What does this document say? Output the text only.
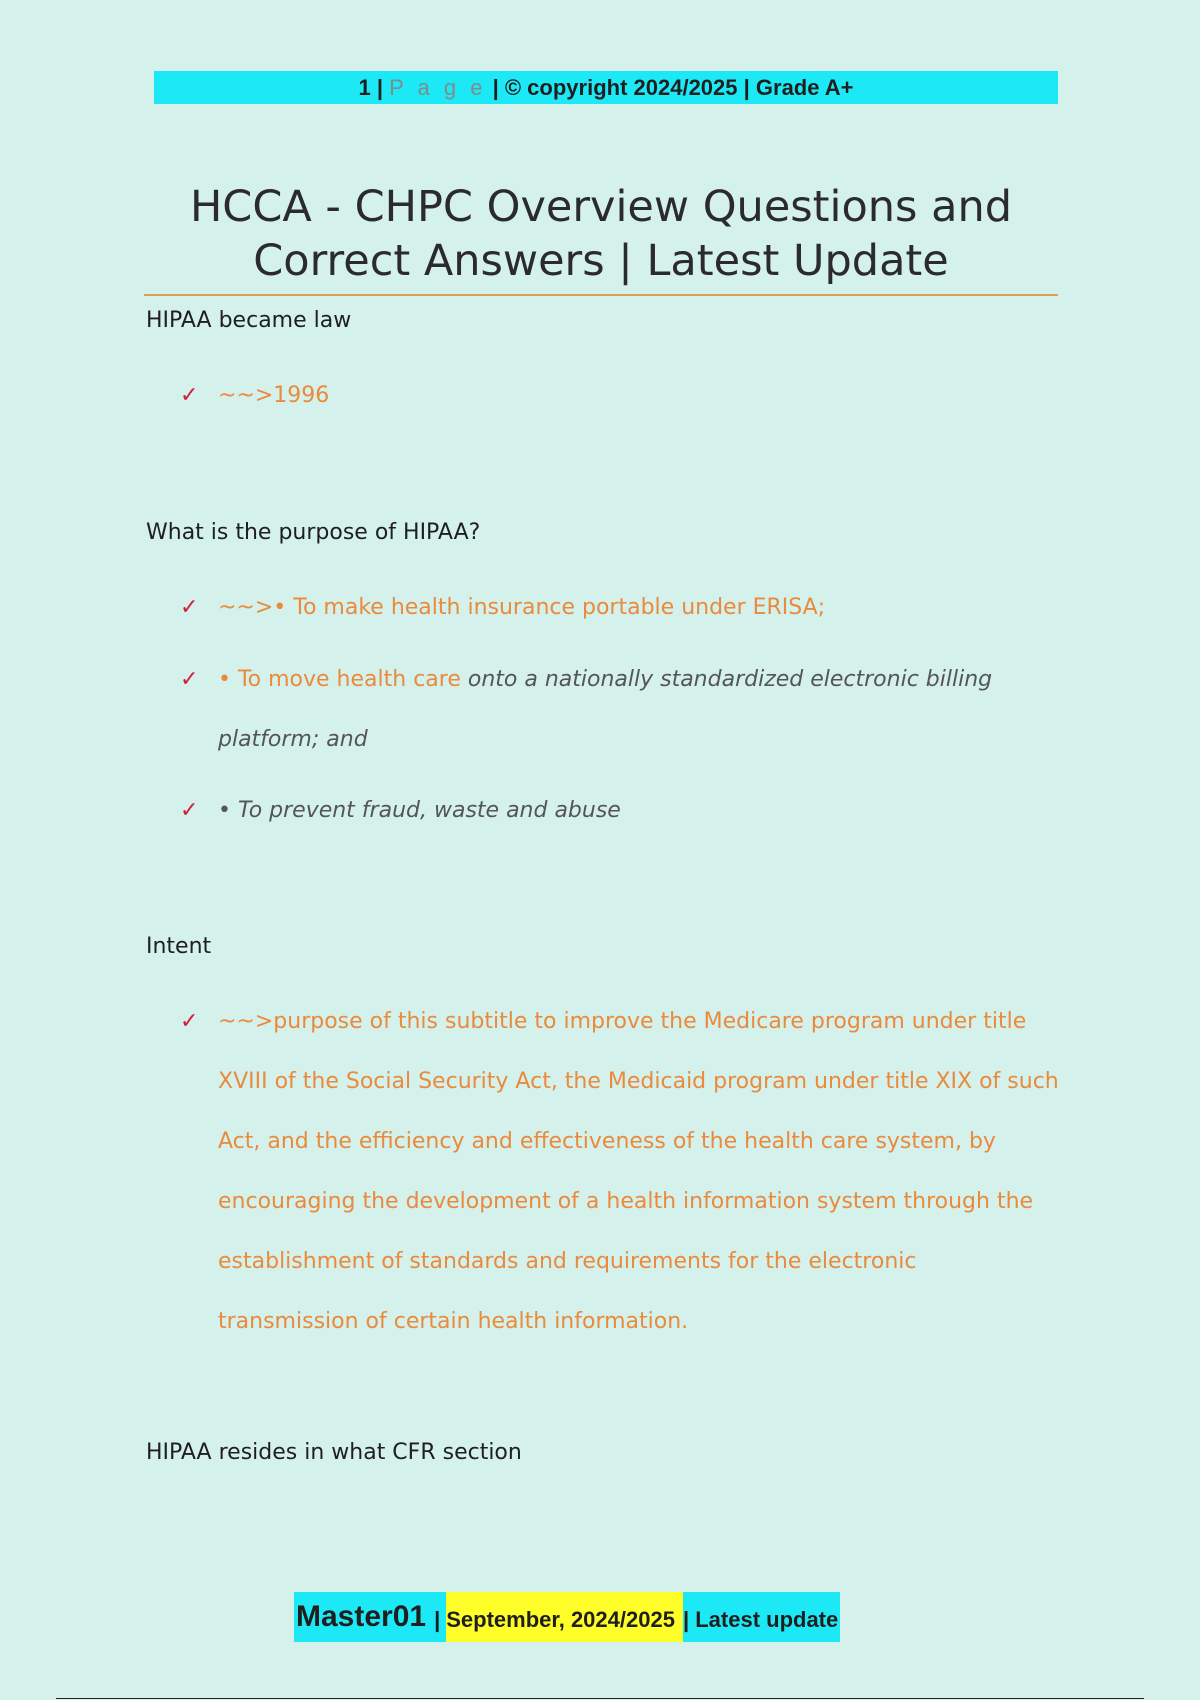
1 | P a g e | © copyright 2024/2025 | Grade A+
HCCA - CHPC Overview Questions and
Correct Answers | Latest Update
HIPAA became law
✓ ~~>1996
What is the purpose of HIPAA?
✓ ~~>• To make health insurance portable under ERISA;
✓ • To move health care onto a nationally standardized electronic billing platform; and
✓ • To prevent fraud, waste and abuse
Intent
✓ ~~>purpose of this subtitle to improve the Medicare program under title XVIII of the Social Security Act, the Medicaid program under title XIX of such Act, and the efficiency and effectiveness of the health care system, by encouraging the development of a health information system through the establishment of standards and requirements for the electronic transmission of certain health information.
HIPAA resides in what CFR section
Master01 | September, 2024/2025 | Latest update
